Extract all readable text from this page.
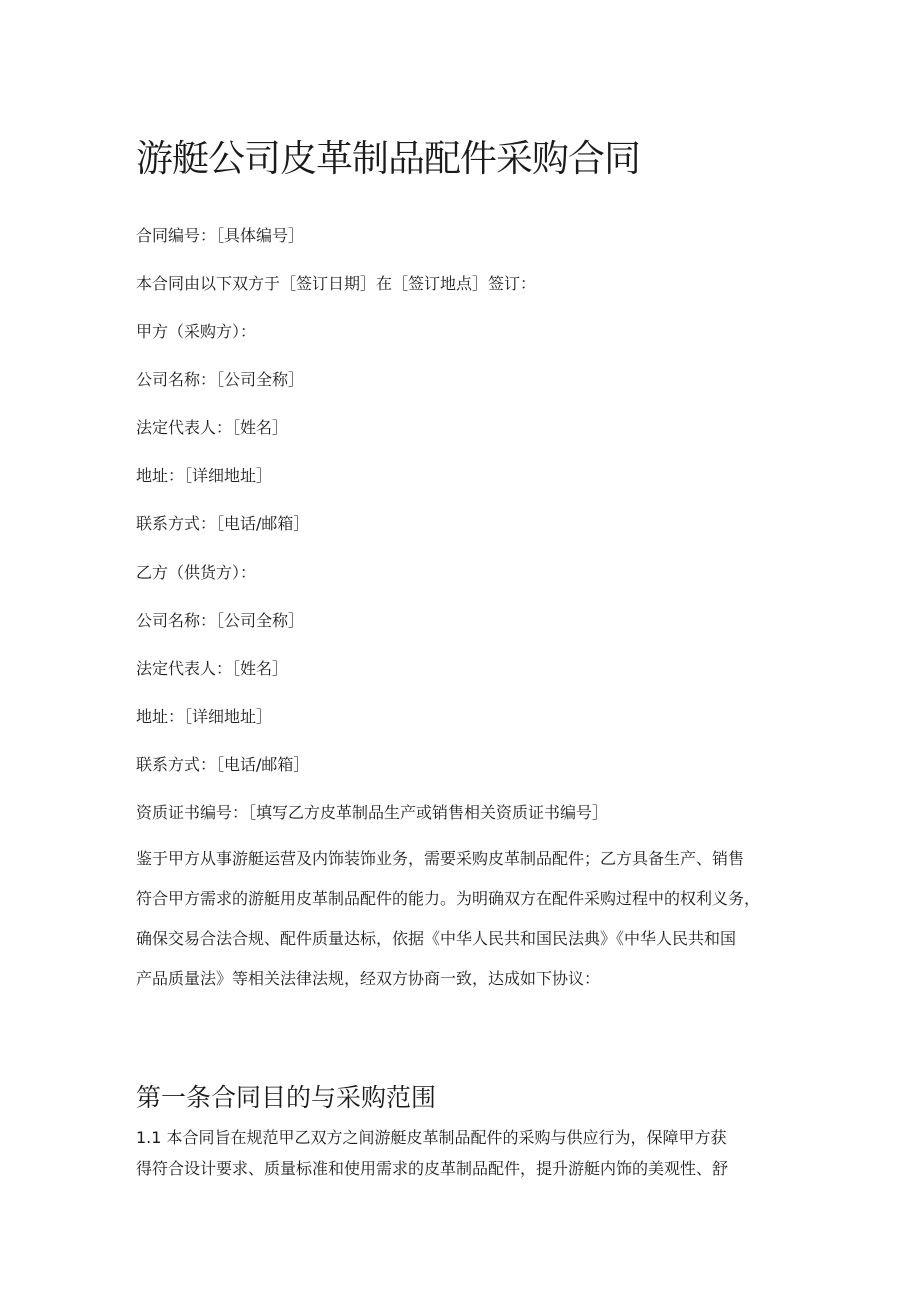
游艇公司皮革制品配件采购合同

合同编号：［具体编号］

本合同由以下双方于［签订日期］在［签订地点］签订：

甲方（采购方）：

公司名称：［公司全称］

法定代表人：［姓名］

地址：［详细地址］

联系方式：［电话/邮箱］

乙方（供货方）：

公司名称：［公司全称］

法定代表人：［姓名］

地址：［详细地址］

联系方式：［电话/邮箱］

资质证书编号：［填写乙方皮革制品生产或销售相关资质证书编号］

鉴于甲方从事游艇运营及内饰装饰业务，需要采购皮革制品配件；乙方具备生产、销售
符合甲方需求的游艇用皮革制品配件的能力。为明确双方在配件采购过程中的权利义务，
确保交易合法合规、配件质量达标，依据《中华人民共和国民法典》《中华人民共和国
产品质量法》等相关法律法规，经双方协商一致，达成如下协议：
第一条合同目的与采购范围
1.1 本合同旨在规范甲乙双方之间游艇皮革制品配件的采购与供应行为，保障甲方获
得符合设计要求、质量标准和使用需求的皮革制品配件，提升游艇内饰的美观性、舒
